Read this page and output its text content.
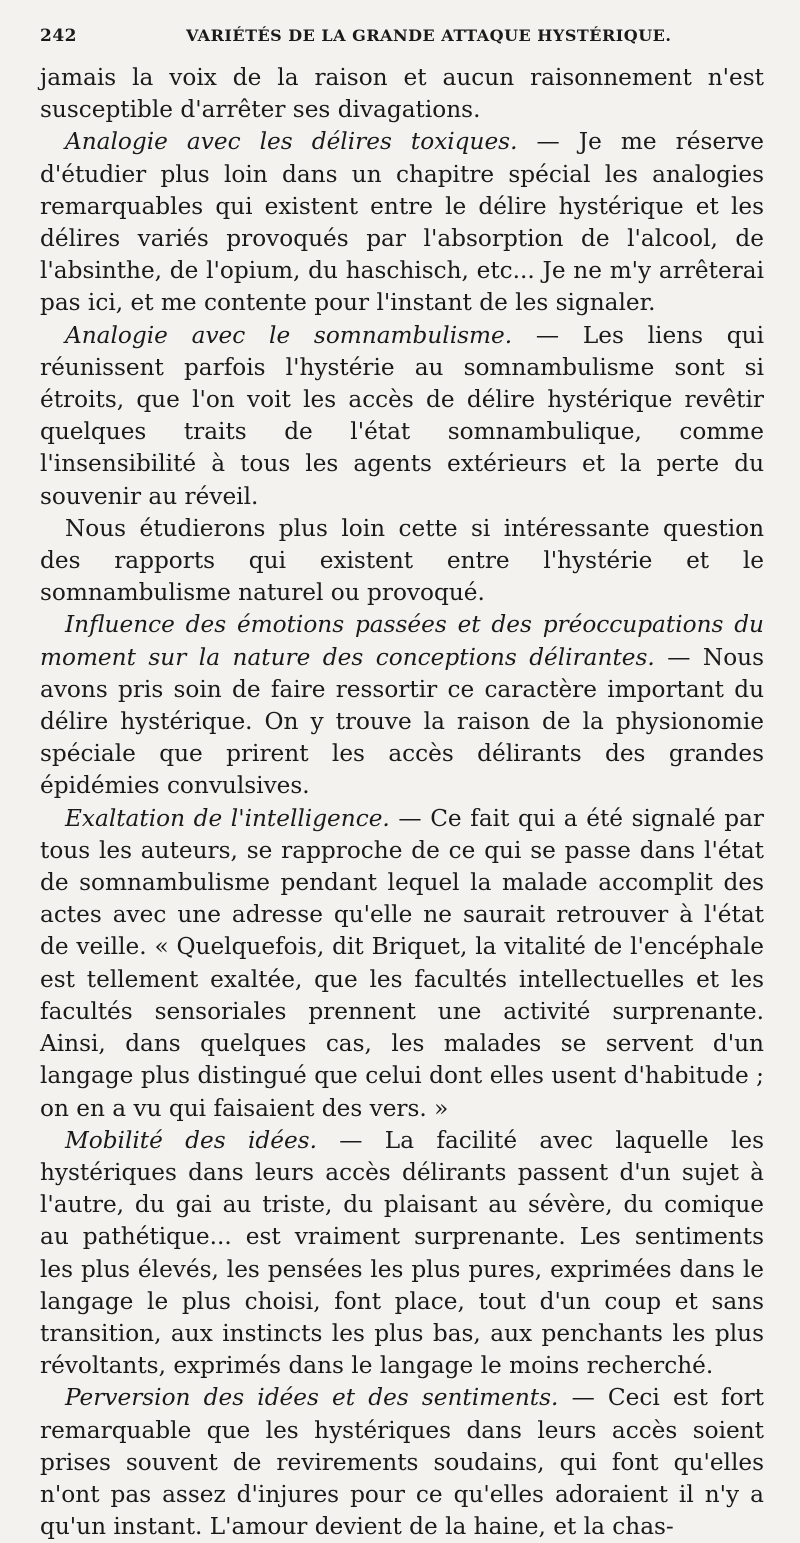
242	VARIÉTÉS DE LA GRANDE ATTAQUE HYSTÉRIQUE.

jamais la voix de la raison et aucun raisonnement n'est susceptible d'arrêter ses divagations.

Analogie avec les délires toxiques. — Je me réserve d'étudier plus loin dans un chapitre spécial les analogies remarquables qui existent entre le délire hystérique et les délires variés provoqués par l'absorption de l'alcool, de l'absinthe, de l'opium, du haschisch, etc... Je ne m'y arrêterai pas ici, et me contente pour l'instant de les signaler.

Analogie avec le somnambulisme. — Les liens qui réunissent parfois l'hystérie au somnambulisme sont si étroits, que l'on voit les accès de délire hystérique revêtir quelques traits de l'état somnambulique, comme l'insensibilité à tous les agents extérieurs et la perte du souvenir au réveil.

Nous étudierons plus loin cette si intéressante question des rapports qui existent entre l'hystérie et le somnambulisme naturel ou provoqué.

Influence des émotions passées et des préoccupations du moment sur la nature des conceptions délirantes. — Nous avons pris soin de faire ressortir ce caractère important du délire hystérique. On y trouve la raison de la physionomie spéciale que prirent les accès délirants des grandes épidémies convulsives.

Exaltation de l'intelligence. — Ce fait qui a été signalé par tous les auteurs, se rapproche de ce qui se passe dans l'état de somnambulisme pendant lequel la malade accomplit des actes avec une adresse qu'elle ne saurait retrouver à l'état de veille. « Quelquefois, dit Briquet, la vitalité de l'encéphale est tellement exaltée, que les facultés intellectuelles et les facultés sensoriales prennent une activité surprenante. Ainsi, dans quelques cas, les malades se servent d'un langage plus distingué que celui dont elles usent d'habitude ; on en a vu qui faisaient des vers. »

Mobilité des idées. — La facilité avec laquelle les hystériques dans leurs accès délirants passent d'un sujet à l'autre, du gai au triste, du plaisant au sévère, du comique au pathétique... est vraiment surprenante. Les sentiments les plus élevés, les pensées les plus pures, exprimées dans le langage le plus choisi, font place, tout d'un coup et sans transition, aux instincts les plus bas, aux penchants les plus révoltants, exprimés dans le langage le moins recherché.

Perversion des idées et des sentiments. — Ceci est fort remarquable que les hystériques dans leurs accès soient prises souvent de revirements soudains, qui font qu'elles n'ont pas assez d'injures pour ce qu'elles adoraient il n'y a qu'un instant. L'amour devient de la haine, et la chas-
